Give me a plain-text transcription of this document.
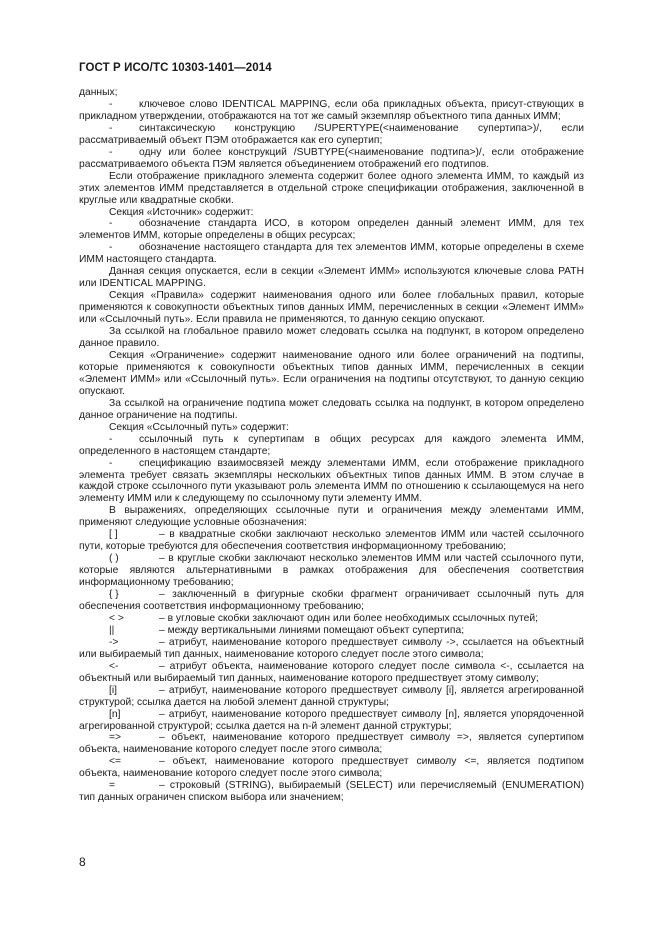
ГОСТ Р ИСО/ТС 10303-1401—2014

данных;

-	ключевое слово IDENTICAL MAPPING, если оба прикладных объекта, присут-ствующих в прикладном утверждении, отображаются на тот же самый экземпляр объектного типа данных ИММ;

-	синтаксическую конструкцию /SUPERTYPE(<наименование супертипа>)/, если рассматриваемый объект ПЭМ отображается как его супертип;

-	одну или более конструкций /SUBTYPE(<наименование подтипа>)/, если отображение рассматриваемого объекта ПЭМ является объединением отображений его подтипов.

Если отображение прикладного элемента содержит более одного элемента ИММ, то каждый из этих элементов ИММ представляется в отдельной строке спецификации отображения, заключенной в круглые или квадратные скобки.

Секция «Источник» содержит:

-	обозначение стандарта ИСО, в котором определен данный элемент ИММ, для тех элементов ИММ, которые определены в общих ресурсах;

-	обозначение настоящего стандарта для тех элементов ИММ, которые определены в схеме ИММ настоящего стандарта.

Данная секция опускается, если в секции «Элемент ИММ» используются ключевые слова PATH или IDENTICAL MAPPING.

Секция «Правила» содержит наименования одного или более глобальных правил, которые применяются к совокупности объектных типов данных ИММ, перечисленных в секции «Элемент ИММ» или «Ссылочный путь». Если правила не применяются, то данную секцию опускают.

За ссылкой на глобальное правило может следовать ссылка на подпункт, в котором определено данное правило.

Секция «Ограничение» содержит наименование одного или более ограничений на подтипы, которые применяются к совокупности объектных типов данных ИММ, перечисленных в секции «Элемент ИММ» или «Ссылочный путь». Если ограничения на подтипы отсутствуют, то данную секцию опускают.

За ссылкой на ограничение подтипа может следовать ссылка на подпункт, в котором определено данное ограничение на подтипы.

Секция «Ссылочный путь» содержит:

-	ссылочный путь к супертипам в общих ресурсах для каждого элемента ИММ, определенного в настоящем стандарте;

-	спецификацию взаимосвязей между элементами ИММ, если отображение прикладного элемента требует связать экземпляры нескольких объектных типов данных ИММ. В этом случае в каждой строке ссылочного пути указывают роль элемента ИММ по отношению к ссылающемуся на него элементу ИММ или к следующему по ссылочному пути элементу ИММ.

В выражениях, определяющих ссылочные пути и ограничения между элементами ИММ, применяют следующие условные обозначения:

[ ]	– в квадратные скобки заключают несколько элементов ИММ или частей ссылочного пути, которые требуются для обеспечения соответствия информационному требованию;

( )	– в круглые скобки заключают несколько элементов ИММ или частей ссылочного пути, которые являются альтернативными в рамках отображения для обеспечения соответствия информационному требованию;

{ }	– заключенный в фигурные скобки фрагмент ограничивает ссылочный путь для обеспечения соответствия информационному требованию;

< >	– в угловые скобки заключают один или более необходимых ссылочных путей;

||	– между вертикальными линиями помещают объект супертипа;

->	– атрибут, наименование которого предшествует символу ->, ссылается на объектный или выбираемый тип данных, наименование которого следует после этого символа;

<-	– атрибут объекта, наименование которого следует после символа <-, ссылается на объектный или выбираемый тип данных, наименование которого предшествует этому символу;

[i]	– атрибут, наименование которого предшествует символу [i], является агрегированной структурой; ссылка дается на любой элемент данной структуры;

[n]	– атрибут, наименование которого предшествует символу [n], является упорядоченной агрегированной структурой; ссылка дается на n-й элемент данной структуры;

=>	– объект, наименование которого предшествует символу =>, является супертипом объекта, наименование которого следует после этого символа;

<=	– объект, наименование которого предшествует символу <=, является подтипом объекта, наименование которого следует после этого символа;

=	– строковый (STRING), выбираемый (SELECT) или перечисляемый (ENUMERATION) тип данных ограничен списком выбора или значением;

8
